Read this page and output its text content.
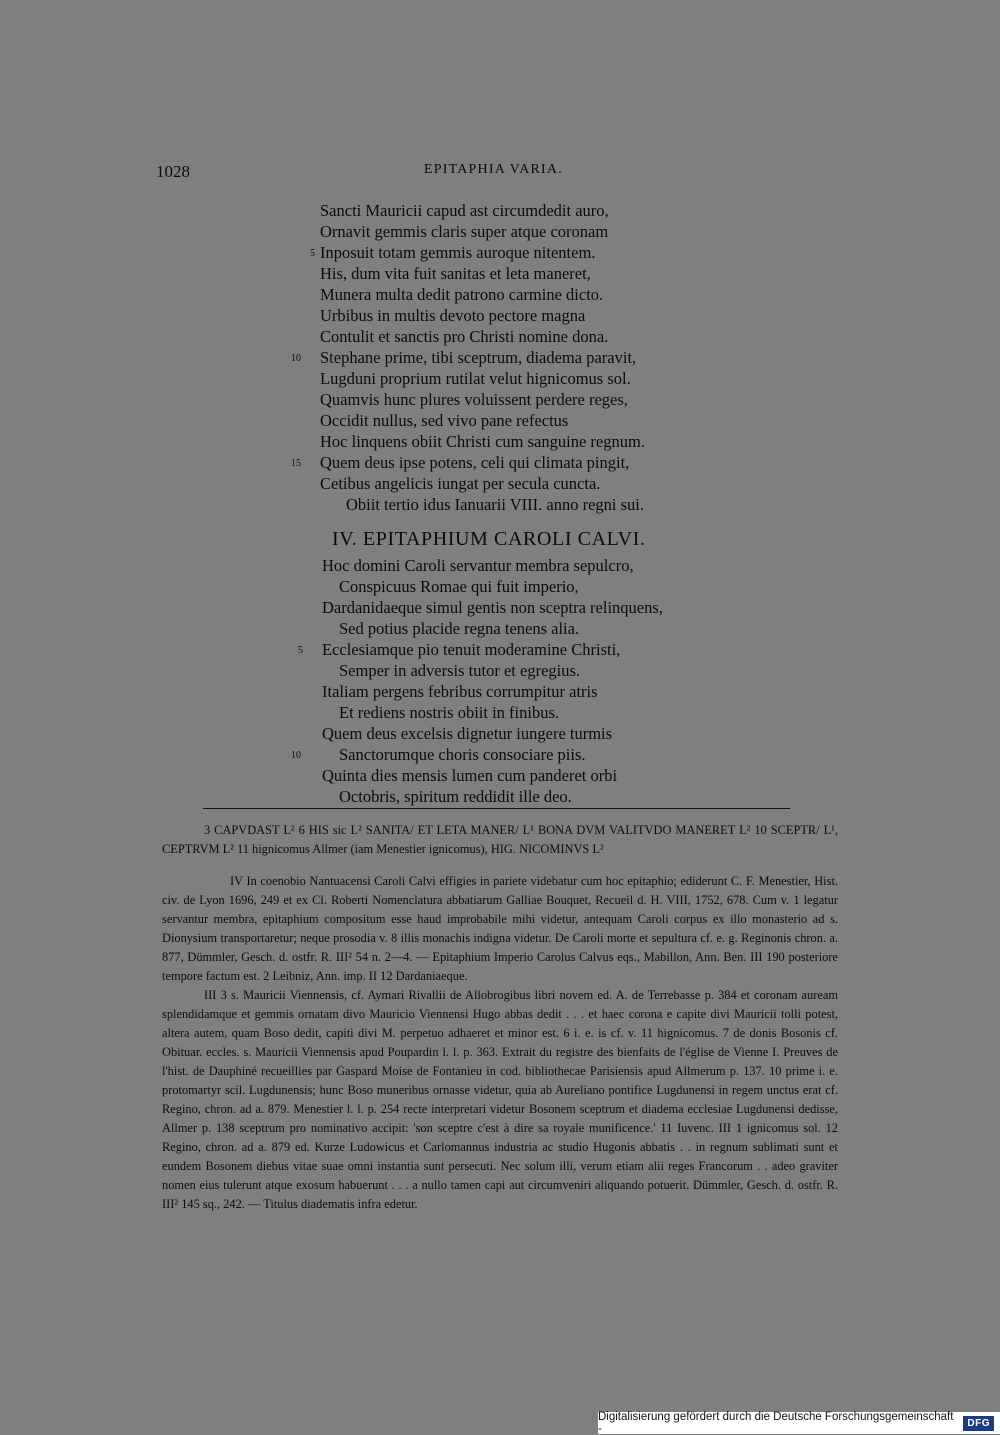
1028	EPITAPHIA VARIA.
Sancti Mauricii capud ast circumdedit auro,
Ornavit gemmis claris super atque coronam
Inposuit totam gemmis auroque nitentem.
His, dum vita fuit sanitas et leta maneret,
Munera multa dedit patrono carmine dicto.
Urbibus in multis devoto pectore magna
Contulit et sanctis pro Christi nomine dona.
Stephane prime, tibi sceptrum, diadema paravit,
Lugduni proprium rutilat velut hignicomus sol.
Quamvis hunc plures voluissent perdere reges,
Occidit nullus, sed vivo pane refectus
Hoc linquens obiit Christi cum sanguine regnum.
Quem deus ipse potens, celi qui climata pingit,
Cetibus angelicis iungat per secula cuncta.
Obiit tertio idus Ianuarii VIII. anno regni sui.
5
10
15
IV. EPITAPHIUM CAROLI CALVI.
Hoc domini Caroli servantur membra sepulcro,
Conspicuus Romae qui fuit imperio,
Dardanidaeque simul gentis non sceptra relinquens,
Sed potius placide regna tenens alia.
Ecclesiamque pio tenuit moderamine Christi,
Semper in adversis tutor et egregius.
Italiam pergens febribus corrumpitur atris
Et rediens nostris obiit in finibus.
Quem deus excelsis dignetur iungere turmis
Sanctorumque choris consociare piis.
Quinta dies mensis lumen cum panderet orbi
Octobris, spiritum reddidit ille deo.
5
10

3 CAPVDAST L² 6 HIS sic L² SANITA/ ET LETA MANER/ L¹ BONA DVM VALITVDO MANERET L² 10 SCEPTR/ L¹, CEPTRVM L² 11 hignicomus Allmer (iam Menestier ignicomus), HIG. NICOMINVS L²

IV In coenobio Nantuacensi Caroli Calvi effigies in pariete videbatur cum hoc epitaphio; ediderunt C. F. Menestier, Hist. civ. de Lyon 1696, 249 et ex Cl. Roberti Nomenclatura abbatiarum Galliae Bouquet, Recueil d. H. VIII, 1752, 678. Cum v. 1 legatur servantur membra, epitaphium compositum esse haud improbabile mihi videtur, antequam Caroli corpus ex illo monasterio ad s. Dionysium transportaretur; neque prosodia v. 8 illis monachis indigna videtur. De Caroli morte et sepultura cf. e. g. Reginonis chron. a. 877, Dümmler, Gesch. d. ostfr. R. III² 54 n. 2—4. — Epitaphium Imperio Carolus Calvus eqs., Mabillon, Ann. Ben. III 190 posteriore tempore factum est. 2 Leibniz, Ann. imp. II 12 Dardaniaeque.

III 3 s. Mauricii Viennensis, cf. Aymari Rivallii de Allobrogibus libri novem ed. A. de Terrebasse p. 384 et coronam auream splendidamque et gemmis ornatam divo Mauricio Viennensi Hugo abbas dedit . . . et haec corona e capite divi Mauricii tolli potest, altera autem, quam Boso dedit, capiti divi M. perpetuo adhaeret et minor est. 6 i. e. is cf. v. 11 hignicomus. 7 de donis Bosonis cf. Obituar. eccles. s. Mauricii Viennensis apud Poupardin l. l. p. 363. Extrait du registre des bienfaits de l'église de Vienne I. Preuves de l'hist. de Dauphiné recueillies par Gaspard Moise de Fontanieu in cod. bibliothecae Parisiensis apud Allmerum p. 137. 10 prime i. e. protomartyr scil. Lugdunensis; hunc Boso muneribus ornasse videtur, quia ab Aureliano pontifice Lugdunensi in regem unctus erat cf. Regino, chron. ad a. 879. Menestier l. l. p. 254 recte interpretari videtur Bosonem sceptrum et diadema ecclesiae Lugdunensi dedisse, Allmer p. 138 sceptrum pro nominativo accipit: 'son sceptre c'est à dire sa royale munificence.' 11 Iuvenc. III 1 ignicomus sol. 12 Regino, chron. ad a. 879 ed. Kurze Ludowicus et Carlomannus industria ac studio Hugonis abbatis . . in regnum sublimati sunt et eundem Bosonem diebus vitae suae omni instantia sunt persecuti. Nec solum illi, verum etiam alii reges Francorum . . adeo graviter nomen eius tulerunt atque exosum habuerunt . . . a nullo tamen capi aut circumveniri aliquando potuerit. Dümmler, Gesch. d. ostfr. R. III² 145 sq., 242. — Titulus diadematis infra edetur.

Digitalisierung gefördert durch die Deutsche Forschungsgemeinschaft -	DFG
